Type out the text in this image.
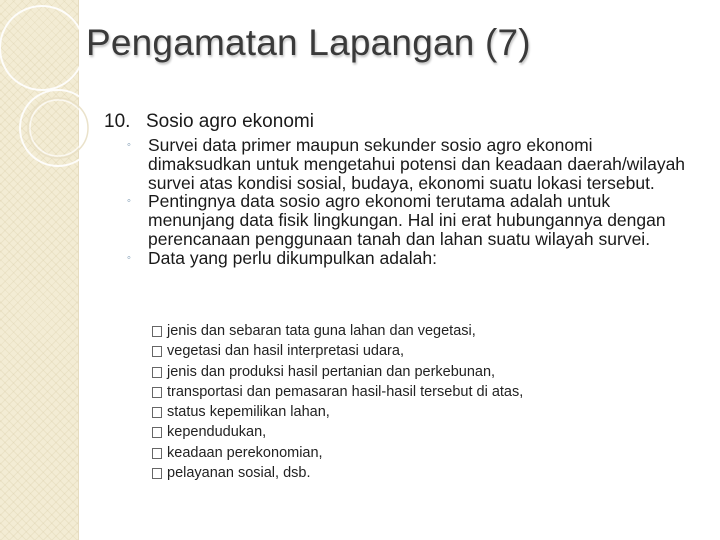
Pengamatan Lapangan (7)
10. Sosio agro ekonomi
◦ Survei data primer maupun sekunder sosio agro ekonomi dimaksudkan untuk mengetahui potensi dan keadaan daerah/wilayah survei atas kondisi sosial, budaya, ekonomi suatu lokasi tersebut.
◦ Pentingnya data sosio agro ekonomi terutama adalah untuk menunjang data fisik lingkungan. Hal ini erat hubungannya dengan perencanaan penggunaan tanah dan lahan suatu wilayah survei.
◦ Data yang perlu dikumpulkan adalah:
jenis dan sebaran tata guna lahan dan vegetasi,
vegetasi dan hasil interpretasi udara,
jenis dan produksi hasil pertanian dan perkebunan,
transportasi dan pemasaran hasil-hasil tersebut di atas,
status kepemilikan lahan,
kependudukan,
keadaan perekonomian,
pelayanan sosial, dsb.
